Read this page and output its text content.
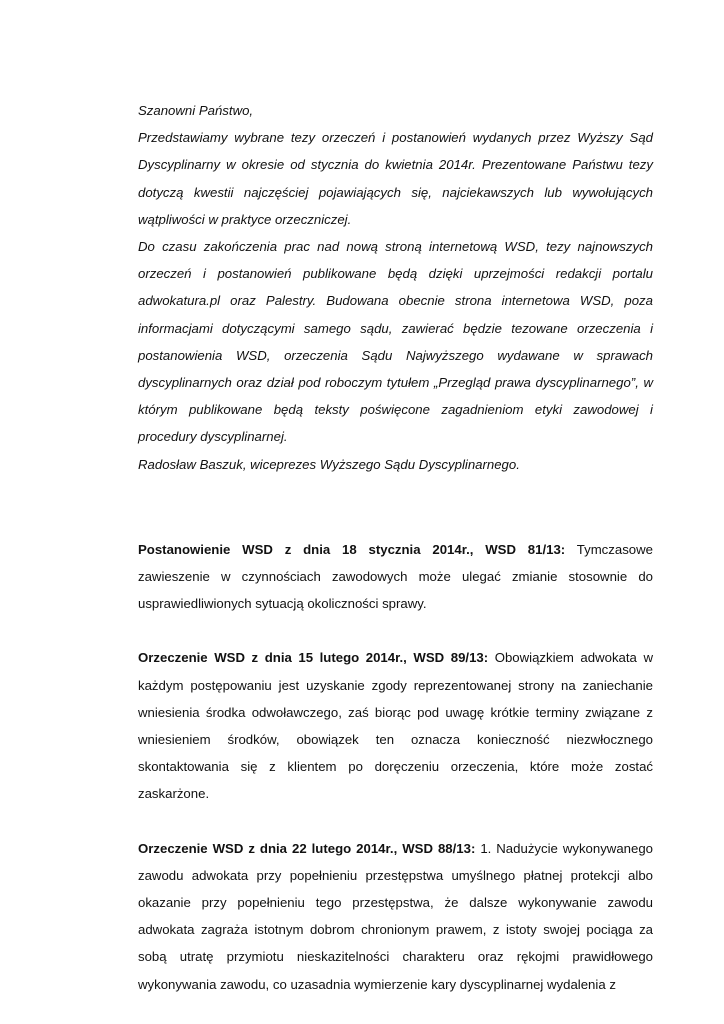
Szanowni Państwo,

Przedstawiamy wybrane tezy orzeczeń i postanowień wydanych przez Wyższy Sąd Dyscyplinarny w okresie od stycznia do kwietnia 2014r. Prezentowane Państwu tezy dotyczą kwestii najczęściej pojawiających się, najciekawszych lub wywołujących wątpliwości w praktyce orzeczniczej.

Do czasu zakończenia prac nad nową stroną internetową WSD, tezy najnowszych orzeczeń i postanowień publikowane będą dzięki uprzejmości redakcji portalu adwokatura.pl oraz Palestry. Budowana obecnie strona internetowa WSD, poza informacjami dotyczącymi samego sądu, zawierać będzie tezowane orzeczenia i postanowienia WSD, orzeczenia Sądu Najwyższego wydawane w sprawach dyscyplinarnych oraz dział pod roboczym tytułem „Przegląd prawa dyscyplinarnego”, w którym publikowane będą teksty poświęcone zagadnieniom etyki zawodowej i procedury dyscyplinarnej.

Radosław Baszuk, wiceprezes Wyższego Sądu Dyscyplinarnego.

Postanowienie WSD z dnia 18 stycznia 2014r., WSD 81/13: Tymczasowe zawieszenie w czynnościach zawodowych może ulegać zmianie stosownie do usprawiedliwionych sytuacją okoliczności sprawy.

Orzeczenie WSD z dnia 15 lutego 2014r., WSD 89/13: Obowiązkiem adwokata w każdym postępowaniu jest uzyskanie zgody reprezentowanej strony na zaniechanie wniesienia środka odwoławczego, zaś biorąc pod uwagę krótkie terminy związane z wniesieniem środków, obowiązek ten oznacza konieczność niezwłocznego skontaktowania się z klientem po doręczeniu orzeczenia, które może zostać zaskarżone.

Orzeczenie WSD z dnia 22 lutego 2014r., WSD 88/13: 1. Nadużycie wykonywanego zawodu adwokata przy popełnieniu przestępstwa umyślnego płatnej protekcji albo okazanie przy popełnieniu tego przestępstwa, że dalsze wykonywanie zawodu adwokata zagraża istotnym dobrom chronionym prawem, z istoty swojej pociąga za sobą utratę przymiotu nieskazitelności charakteru oraz rękojmi prawidłowego wykonywania zawodu, co uzasadnia wymierzenie kary dyscyplinarnej wydalenia z
